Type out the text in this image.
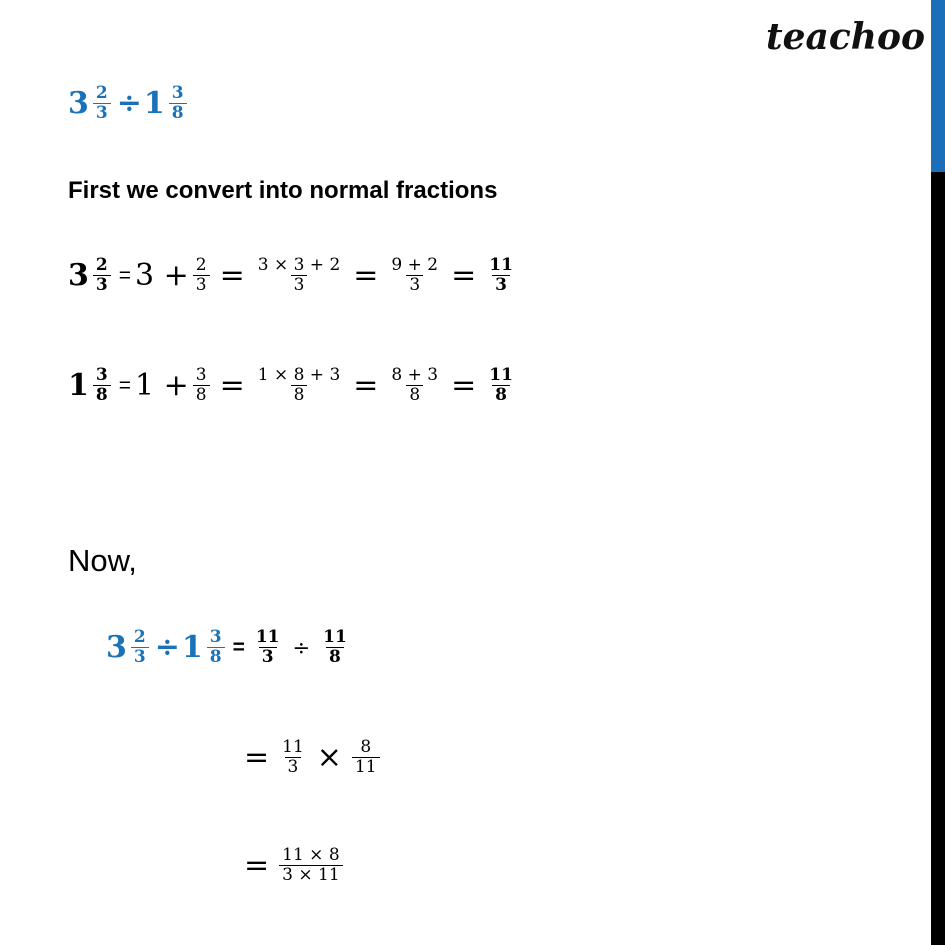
teachoo
$3 \frac{2}{3} \div 1 \frac{3}{8}$
First we convert into normal fractions
$3 \frac{2}{3} = 3 + \frac{2}{3} = \frac{3 \times 3 + 2}{3} = \frac{9 + 2}{3} = \frac{11}{3}$
$1 \frac{3}{8} = 1 + \frac{3}{8} = \frac{1 \times 8 + 3}{8} = \frac{8 + 3}{8} = \frac{11}{8}$
Now,
$3 \frac{2}{3} \div 1 \frac{3}{8} = \frac{11}{3} \div \frac{11}{8}$
= $\frac{11}{3} \times \frac{8}{11}$
= $\frac{11 \times 8}{3 \times 11}$
